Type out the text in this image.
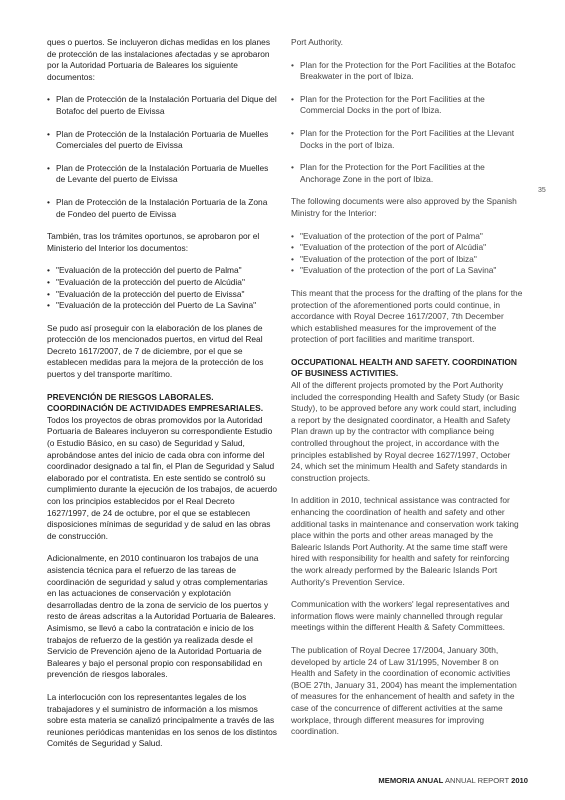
ques o puertos. Se incluyeron dichas medidas en los planes de protección de las instalaciones afectadas y se aprobaron por la Autoridad Portuaria de Baleares los siguiente documentos:

• Plan de Protección de la Instalación Portuaria del Dique del Botafoc del puerto de Eivissa
• Plan de Protección de la Instalación Portuaria de Muelles Comerciales del puerto de Eivissa
• Plan de Protección de la Instalación Portuaria de Muelles de Levante del puerto de Eivissa
• Plan de Protección de la Instalación Portuaria de la Zona de Fondeo del puerto de Eivissa

También, tras los trámites oportunos, se aprobaron por el Ministerio del Interior los documentos:

• "Evaluación de la protección del puerto de Palma"
• "Evaluación de la protección del puerto de Alcúdia"
• "Evaluación de la protección del puerto de Eivissa"
• "Evaluación de la protección del Puerto de La Savina"

Se pudo así proseguir con la elaboración de los planes de protección de los mencionados puertos, en virtud del Real Decreto 1617/2007, de 7 de diciembre, por el que se establecen medidas para la mejora de la protección de los puertos y del transporte marítimo.

PREVENCIÓN DE RIESGOS LABORALES. COORDINACIÓN DE ACTIVIDADES EMPRESARIALES.

Todos los proyectos de obras promovidos por la Autoridad Portuaria de Baleares incluyeron su correspondiente Estudio (o Estudio Básico, en su caso) de Seguridad y Salud, aprobándose antes del inicio de cada obra con informe del coordinador designado a tal fin, el Plan de Seguridad y Salud elaborado por el contratista. En este sentido se controló su cumplimiento durante la ejecución de los trabajos, de acuerdo con los principios establecidos por el Real Decreto 1627/1997, de 24 de octubre, por el que se establecen disposiciones mínimas de seguridad y de salud en las obras de construcción.

Adicionalmente, en 2010 continuaron los trabajos de una asistencia técnica para el refuerzo de las tareas de coordinación de seguridad y salud y otras complementarias en las actuaciones de conservación y explotación desarrolladas dentro de la zona de servicio de los puertos y resto de áreas adscritas a la Autoridad Portuaria de Baleares. Asimismo, se llevó a cabo la contratación e inicio de los trabajos de refuerzo de la gestión ya realizada desde el Servicio de Prevención ajeno de la Autoridad Portuaria de Baleares y bajo el personal propio con responsabilidad en prevención de riesgos laborales.

La interlocución con los representantes legales de los trabajadores y el suministro de información a los mismos sobre esta materia se canalizó principalmente a través de las reuniones periódicas mantenidas en los senos de los distintos Comités de Seguridad y Salud.

Port Authority.

• Plan for the Protection for the Port Facilities at the Botafoc Breakwater in the port of Ibiza.
• Plan for the Protection for the Port Facilities at the Commercial Docks in the port of Ibiza.
• Plan for the Protection for the Port Facilities at the Llevant Docks in the port of Ibiza.
• Plan for the Protection for the Port Facilities at the Anchorage Zone in the port of Ibiza.

The following documents were also approved by the Spanish Ministry for the Interior:

• "Evaluation of the protection of the port of Palma"
• "Evaluation of the protection of the port of Alcúdia"
• "Evaluation of the protection of the port of Ibiza"
• "Evaluation of the protection of the port of La Savina"

This meant that the process for the drafting of the plans for the protection of the aforementioned ports could continue, in accordance with Royal Decree 1617/2007, 7th December which established measures for the improvement of the protection of port facilities and maritime transport.

OCCUPATIONAL HEALTH AND SAFETY. COORDINATION OF BUSINESS ACTIVITIES.

All of the different projects promoted by the Port Authority included the corresponding Health and Safety Study (or Basic Study), to be approved before any work could start, including a report by the designated coordinator, a Health and Safety Plan drawn up by the contractor with compliance being controlled throughout the project, in accordance with the principles established by Royal decree 1627/1997, October 24, which set the minimum Health and Safety standards in construction projects.

In addition in 2010, technical assistance was contracted for enhancing the coordination of health and safety and other additional tasks in maintenance and conservation work taking place within the ports and other areas managed by the Balearic Islands Port Authority. At the same time staff were hired with responsibility for health and safety for reinforcing the work already performed by the Balearic Islands Port Authority's Prevention Service.

Communication with the workers' legal representatives and information flows were mainly channelled through regular meetings within the different Health & Safety Committees.

The publication of Royal Decree 17/2004, January 30th, developed by article 24 of Law 31/1995, November 8 on Health and Safety in the coordination of economic activities (BOE 27th, January 31, 2004) has meant the implementation of measures for the enhancement of health and safety in the case of the concurrence of different activities at the same workplace, through different measures for improving coordination.

35
MEMORIA ANUAL ANNUAL REPORT 2010
